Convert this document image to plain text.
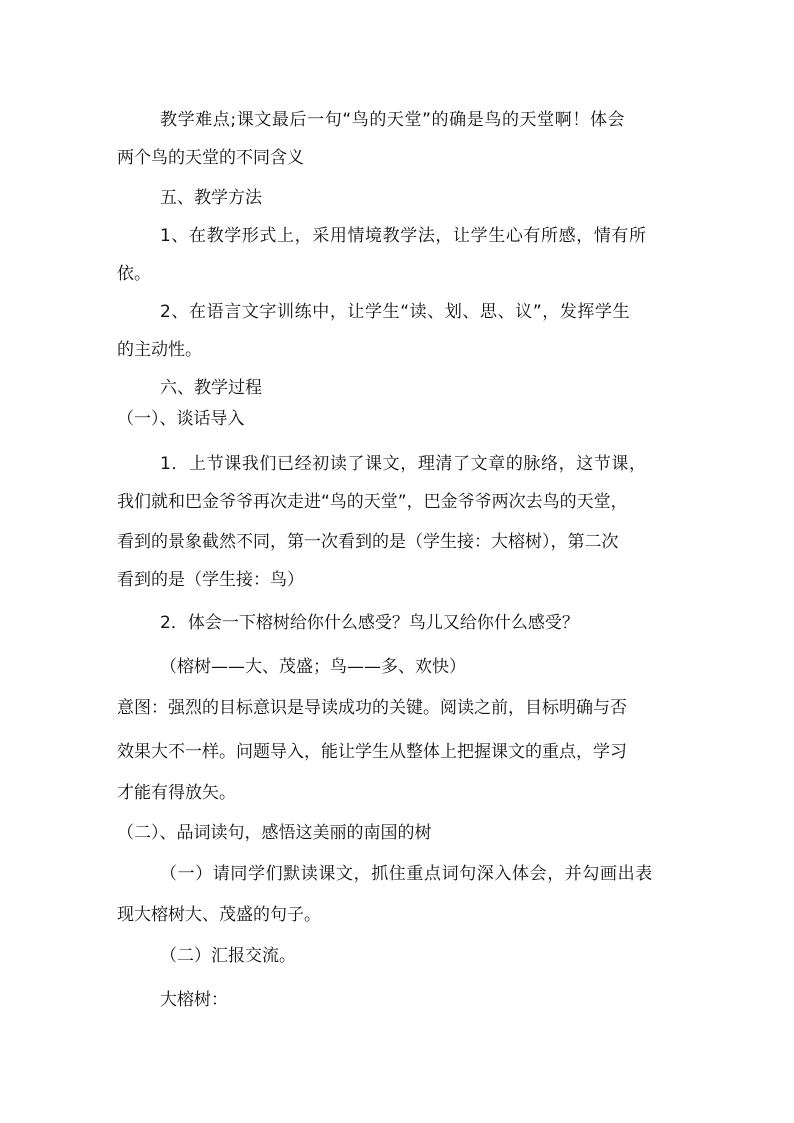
教学难点;课文最后一句“鸟的天堂”的确是鸟的天堂啊！体会
两个鸟的天堂的不同含义
五、教学方法
1、在教学形式上，采用情境教学法，让学生心有所感，情有所
依。
2、在语言文字训练中，让学生“读、划、思、议”，发挥学生
的主动性。
六、教学过程
（一）、谈话导入
1．上节课我们已经初读了课文，理清了文章的脉络，这节课，
我们就和巴金爷爷再次走进“鸟的天堂”，巴金爷爷两次去鸟的天堂，
看到的景象截然不同，第一次看到的是（学生接：大榕树），第二次
看到的是（学生接：鸟）
2．体会一下榕树给你什么感受？鸟儿又给你什么感受？
（榕树——大、茂盛；鸟——多、欢快）
意图：强烈的目标意识是导读成功的关键。阅读之前，目标明确与否
效果大不一样。问题导入，能让学生从整体上把握课文的重点，学习
才能有得放矢。
（二）、品词读句，感悟这美丽的南国的树
（一）请同学们默读课文，抓住重点词句深入体会，并勾画出表
现大榕树大、茂盛的句子。
（二）汇报交流。
大榕树：
